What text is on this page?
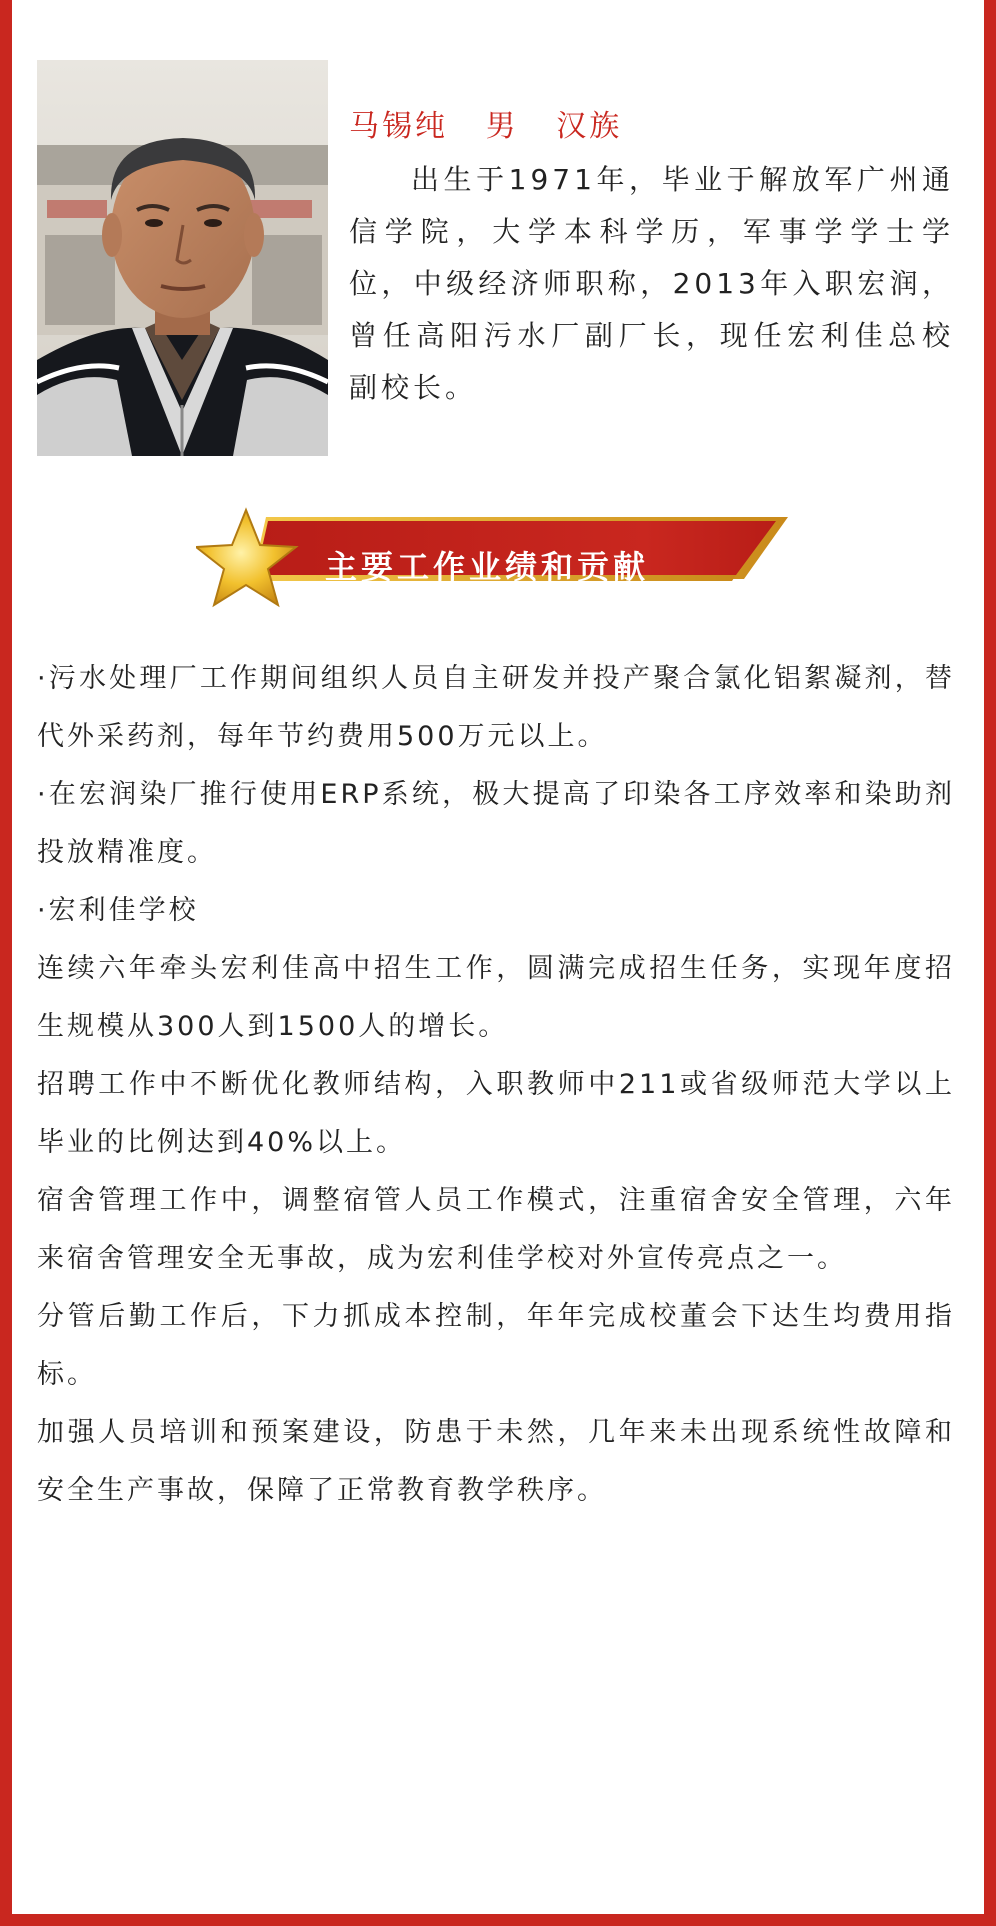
马锡纯   男   汉族

出生于1971年，毕业于解放军广州通信学院，大学本科学历，军事学学士学位，中级经济师职称，2013年入职宏润，曾任高阳污水厂副厂长，现任宏利佳总校副校长。

主要工作业绩和贡献

·污水处理厂工作期间组织人员自主研发并投产聚合氯化铝絮凝剂，替代外采药剂，每年节约费用500万元以上。

·在宏润染厂推行使用ERP系统，极大提高了印染各工序效率和染助剂投放精准度。

·宏利佳学校

连续六年牵头宏利佳高中招生工作，圆满完成招生任务，实现年度招生规模从300人到1500人的增长。

招聘工作中不断优化教师结构，入职教师中211或省级师范大学以上毕业的比例达到40%以上。

宿舍管理工作中，调整宿管人员工作模式，注重宿舍安全管理，六年来宿舍管理安全无事故，成为宏利佳学校对外宣传亮点之一。

分管后勤工作后，下力抓成本控制，年年完成校董会下达生均费用指标。

加强人员培训和预案建设，防患于未然，几年来未出现系统性故障和安全生产事故，保障了正常教育教学秩序。
